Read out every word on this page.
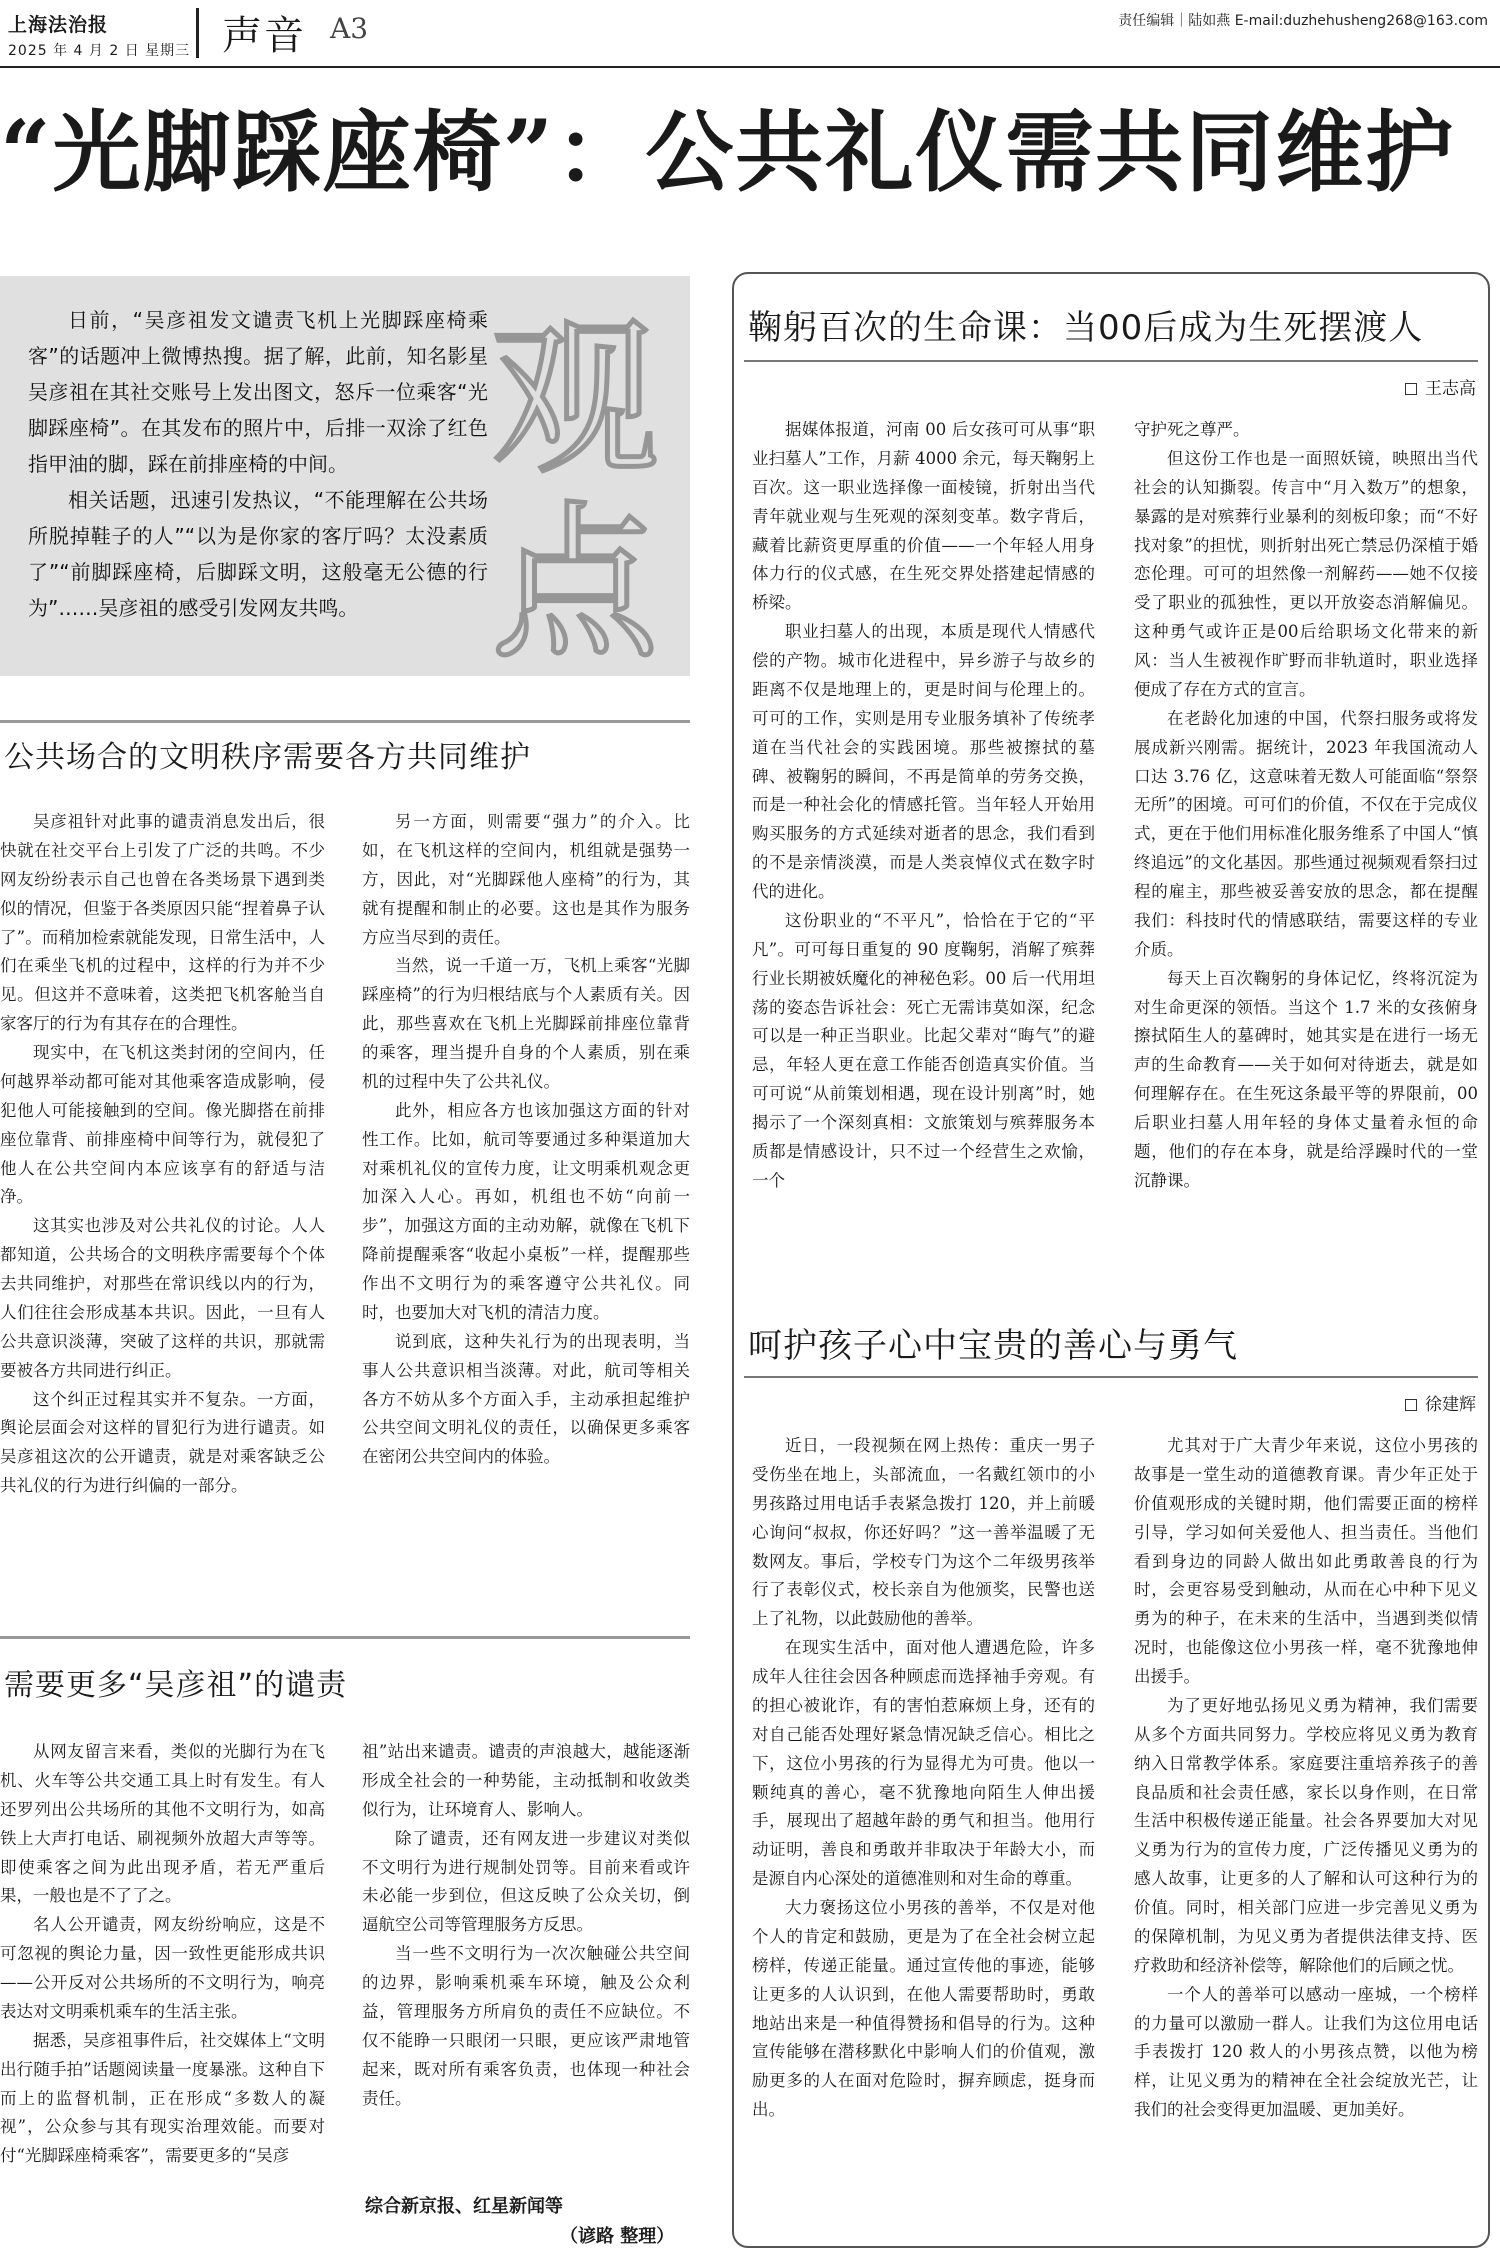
上海法治报
2025 年 4 月 2 日 星期三 声音 A3	责任编辑｜陆如燕 E-mail:duzhehusheng268@163.com
“光脚踩座椅”：公共礼仪需共同维护
观
点

日前，“吴彦祖发文谴责飞机上光脚踩座椅乘客”的话题冲上微博热搜。据了解，此前，知名影星吴彦祖在其社交账号上发出图文，怒斥一位乘客“光脚踩座椅”。在其发布的照片中，后排一双涂了红色指甲油的脚，踩在前排座椅的中间。

相关话题，迅速引发热议，“不能理解在公共场所脱掉鞋子的人”“以为是你家的客厅吗？太没素质了”“前脚踩座椅，后脚踩文明，这般毫无公德的行为”……吴彦祖的感受引发网友共鸣。

公共场合的文明秩序需要各方共同维护

吴彦祖针对此事的谴责消息发出后，很快就在社交平台上引发了广泛的共鸣。不少网友纷纷表示自己也曾在各类场景下遇到类似的情况，但鉴于各类原因只能“捏着鼻子认了”。而稍加检索就能发现，日常生活中，人们在乘坐飞机的过程中，这样的行为并不少见。但这并不意味着，这类把飞机客舱当自家客厅的行为有其存在的合理性。

现实中，在飞机这类封闭的空间内，任何越界举动都可能对其他乘客造成影响，侵犯他人可能接触到的空间。像光脚搭在前排座位靠背、前排座椅中间等行为，就侵犯了他人在公共空间内本应该享有的舒适与洁净。

这其实也涉及对公共礼仪的讨论。人人都知道，公共场合的文明秩序需要每个个体去共同维护，对那些在常识线以内的行为，人们往往会形成基本共识。因此，一旦有人公共意识淡薄，突破了这样的共识，那就需要被各方共同进行纠正。

这个纠正过程其实并不复杂。一方面，舆论层面会对这样的冒犯行为进行谴责。如吴彦祖这次的公开谴责，就是对乘客缺乏公共礼仪的行为进行纠偏的一部分。

另一方面，则需要“强力”的介入。比如，在飞机这样的空间内，机组就是强势一方，因此，对“光脚踩他人座椅”的行为，其就有提醒和制止的必要。这也是其作为服务方应当尽到的责任。

当然，说一千道一万，飞机上乘客“光脚踩座椅”的行为归根结底与个人素质有关。因此，那些喜欢在飞机上光脚踩前排座位靠背的乘客，理当提升自身的个人素质，别在乘机的过程中失了公共礼仪。

此外，相应各方也该加强这方面的针对性工作。比如，航司等要通过多种渠道加大对乘机礼仪的宣传力度，让文明乘机观念更加深入人心。再如，机组也不妨“向前一步”，加强这方面的主动劝解，就像在飞机下降前提醒乘客“收起小桌板”一样，提醒那些作出不文明行为的乘客遵守公共礼仪。同时，也要加大对飞机的清洁力度。

说到底，这种失礼行为的出现表明，当事人公共意识相当淡薄。对此，航司等相关各方不妨从多个方面入手，主动承担起维护公共空间文明礼仪的责任，以确保更多乘客在密闭公共空间内的体验。

需要更多“吴彦祖”的谴责

从网友留言来看，类似的光脚行为在飞机、火车等公共交通工具上时有发生。有人还罗列出公共场所的其他不文明行为，如高铁上大声打电话、刷视频外放超大声等等。即使乘客之间为此出现矛盾，若无严重后果，一般也是不了了之。

名人公开谴责，网友纷纷响应，这是不可忽视的舆论力量，因一致性更能形成共识——公开反对公共场所的不文明行为，响亮表达对文明乘机乘车的生活主张。

据悉，吴彦祖事件后，社交媒体上“文明出行随手拍”话题阅读量一度暴涨。这种自下而上的监督机制，正在形成“多数人的凝视”，公众参与其有现实治理效能。而要对付“光脚踩座椅乘客”，需要更多的“吴彦

祖”站出来谴责。谴责的声浪越大，越能逐渐形成全社会的一种势能，主动抵制和收敛类似行为，让环境育人、影响人。

除了谴责，还有网友进一步建议对类似不文明行为进行规制处罚等。目前来看或许未必能一步到位，但这反映了公众关切，倒逼航空公司等管理服务方反思。

当一些不文明行为一次次触碰公共空间的边界，影响乘机乘车环境，触及公众利益，管理服务方所肩负的责任不应缺位。不仅不能睁一只眼闭一只眼，更应该严肃地管起来，既对所有乘客负责，也体现一种社会责任。

综合新京报、红星新闻等
（谚路 整理）
鞠躬百次的生命课：当00后成为生死摆渡人
王志高

据媒体报道，河南 00 后女孩可可从事“职业扫墓人”工作，月薪 4000 余元，每天鞠躬上百次。这一职业选择像一面棱镜，折射出当代青年就业观与生死观的深刻变革。数字背后，藏着比薪资更厚重的价值——一个年轻人用身体力行的仪式感，在生死交界处搭建起情感的桥梁。

职业扫墓人的出现，本质是现代人情感代偿的产物。城市化进程中，异乡游子与故乡的距离不仅是地理上的，更是时间与伦理上的。可可的工作，实则是用专业服务填补了传统孝道在当代社会的实践困境。那些被擦拭的墓碑、被鞠躬的瞬间，不再是简单的劳务交换，而是一种社会化的情感托管。当年轻人开始用购买服务的方式延续对逝者的思念，我们看到的不是亲情淡漠，而是人类哀悼仪式在数字时代的进化。

这份职业的“不平凡”，恰恰在于它的“平凡”。可可每日重复的 90 度鞠躬，消解了殡葬行业长期被妖魔化的神秘色彩。00 后一代用坦荡的姿态告诉社会：死亡无需讳莫如深，纪念可以是一种正当职业。比起父辈对“晦气”的避忌，年轻人更在意工作能否创造真实价值。当可可说“从前策划相遇，现在设计别离”时，她揭示了一个深刻真相：文旅策划与殡葬服务本质都是情感设计，只不过一个经营生之欢愉，一个

守护死之尊严。

但这份工作也是一面照妖镜，映照出当代社会的认知撕裂。传言中“月入数万”的想象，暴露的是对殡葬行业暴利的刻板印象；而“不好找对象”的担忧，则折射出死亡禁忌仍深植于婚恋伦理。可可的坦然像一剂解药——她不仅接受了职业的孤独性，更以开放姿态消解偏见。这种勇气或许正是00后给职场文化带来的新风：当人生被视作旷野而非轨道时，职业选择便成了存在方式的宣言。

在老龄化加速的中国，代祭扫服务或将发展成新兴刚需。据统计，2023 年我国流动人口达 3.76 亿，这意味着无数人可能面临“祭祭无所”的困境。可可们的价值，不仅在于完成仪式，更在于他们用标准化服务维系了中国人“慎终追远”的文化基因。那些通过视频观看祭扫过程的雇主，那些被妥善安放的思念，都在提醒我们：科技时代的情感联结，需要这样的专业介质。

每天上百次鞠躬的身体记忆，终将沉淀为对生命更深的领悟。当这个 1.7 米的女孩俯身擦拭陌生人的墓碑时，她其实是在进行一场无声的生命教育——关于如何对待逝去，就是如何理解存在。在生死这条最平等的界限前，00 后职业扫墓人用年轻的身体丈量着永恒的命题，他们的存在本身，就是给浮躁时代的一堂沉静课。

呵护孩子心中宝贵的善心与勇气
徐建辉

近日，一段视频在网上热传：重庆一男子受伤坐在地上，头部流血，一名戴红领巾的小男孩路过用电话手表紧急拨打 120，并上前暖心询问“叔叔，你还好吗？”这一善举温暖了无数网友。事后，学校专门为这个二年级男孩举行了表彰仪式，校长亲自为他颁奖，民警也送上了礼物，以此鼓励他的善举。

在现实生活中，面对他人遭遇危险，许多成年人往往会因各种顾虑而选择袖手旁观。有的担心被讹诈，有的害怕惹麻烦上身，还有的对自己能否处理好紧急情况缺乏信心。相比之下，这位小男孩的行为显得尤为可贵。他以一颗纯真的善心，毫不犹豫地向陌生人伸出援手，展现出了超越年龄的勇气和担当。他用行动证明，善良和勇敢并非取决于年龄大小，而是源自内心深处的道德准则和对生命的尊重。

大力褒扬这位小男孩的善举，不仅是对他个人的肯定和鼓励，更是为了在全社会树立起榜样，传递正能量。通过宣传他的事迹，能够让更多的人认识到，在他人需要帮助时，勇敢地站出来是一种值得赞扬和倡导的行为。这种宣传能够在潜移默化中影响人们的价值观，激励更多的人在面对危险时，摒弃顾虑，挺身而出。

尤其对于广大青少年来说，这位小男孩的故事是一堂生动的道德教育课。青少年正处于价值观形成的关键时期，他们需要正面的榜样引导，学习如何关爱他人、担当责任。当他们看到身边的同龄人做出如此勇敢善良的行为时，会更容易受到触动，从而在心中种下见义勇为的种子，在未来的生活中，当遇到类似情况时，也能像这位小男孩一样，毫不犹豫地伸出援手。

为了更好地弘扬见义勇为精神，我们需要从多个方面共同努力。学校应将见义勇为教育纳入日常教学体系。家庭要注重培养孩子的善良品质和社会责任感，家长以身作则，在日常生活中积极传递正能量。社会各界要加大对见义勇为行为的宣传力度，广泛传播见义勇为的感人故事，让更多的人了解和认可这种行为的价值。同时，相关部门应进一步完善见义勇为的保障机制，为见义勇为者提供法律支持、医疗救助和经济补偿等，解除他们的后顾之忧。

一个人的善举可以感动一座城，一个榜样的力量可以激励一群人。让我们为这位用电话手表拨打 120 救人的小男孩点赞，以他为榜样，让见义勇为的精神在全社会绽放光芒，让我们的社会变得更加温暖、更加美好。
